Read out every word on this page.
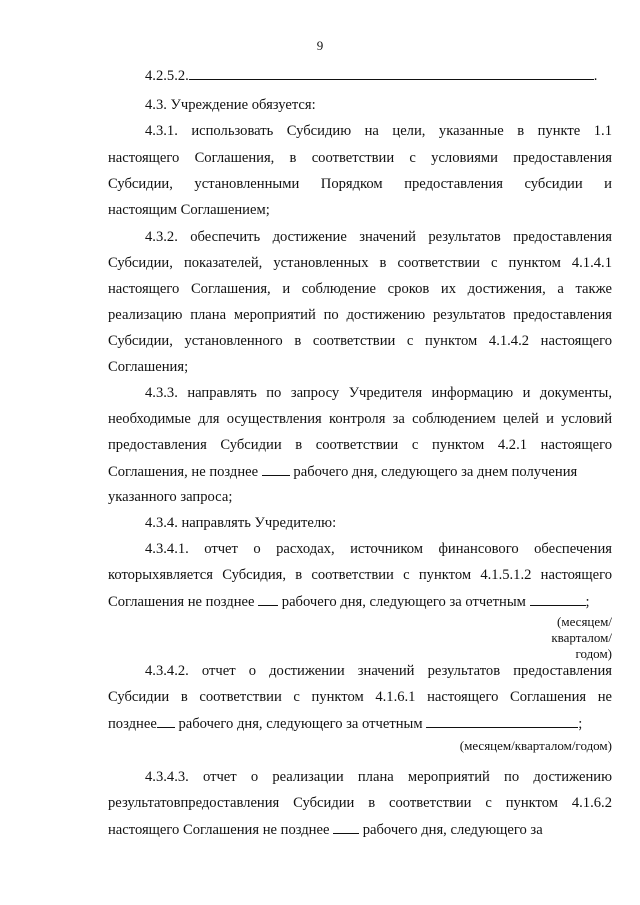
9
4.2.5.2.	.
4.3. Учреждение обязуется:
4.3.1. использовать Субсидию на цели, указанные в пункте 1.1
настоящего Соглашения, в соответствии с условиями предоставления
Субсидии, установленными Порядком предоставления субсидии и
настоящим Соглашением;
4.3.2. обеспечить достижение значений результатов предоставления
Субсидии, показателей, установленных в соответствии с пунктом 4.1.4.1
настоящего Соглашения, и соблюдение сроков их достижения, а также
реализацию плана мероприятий по достижению результатов предоставления
Субсидии, установленного в соответствии с пунктом 4.1.4.2 настоящего
Соглашения;
4.3.3. направлять по запросу Учредителя информацию и документы,
необходимые для осуществления контроля за соблюдением целей и условий
предоставления Субсидии в соответствии с пунктом 4.2.1 настоящего
Соглашения, не позднее  рабочего дня, следующего за днем получения
указанного запроса;
4.3.4. направлять Учредителю:
4.3.4.1. отчет о расходах, источником финансового обеспечения
которыхявляется Субсидия, в соответствии с пунктом 4.1.5.1.2 настоящего
Соглашения не позднее  рабочего дня, следующего за отчетным	;
(месяцем/
кварталом/
годом)
4.3.4.2. отчет о достижении значений результатов предоставления
Субсидии в соответствии с пунктом 4.1.6.1 настоящего Соглашения не
позднее рабочего дня, следующего за отчетным	;
(месяцем/кварталом/годом)
4.3.4.3. отчет о реализации плана мероприятий по достижению
результатовпредоставления Субсидии в соответствии с пунктом 4.1.6.2
настоящего Соглашения не позднее  рабочего дня, следующего за
